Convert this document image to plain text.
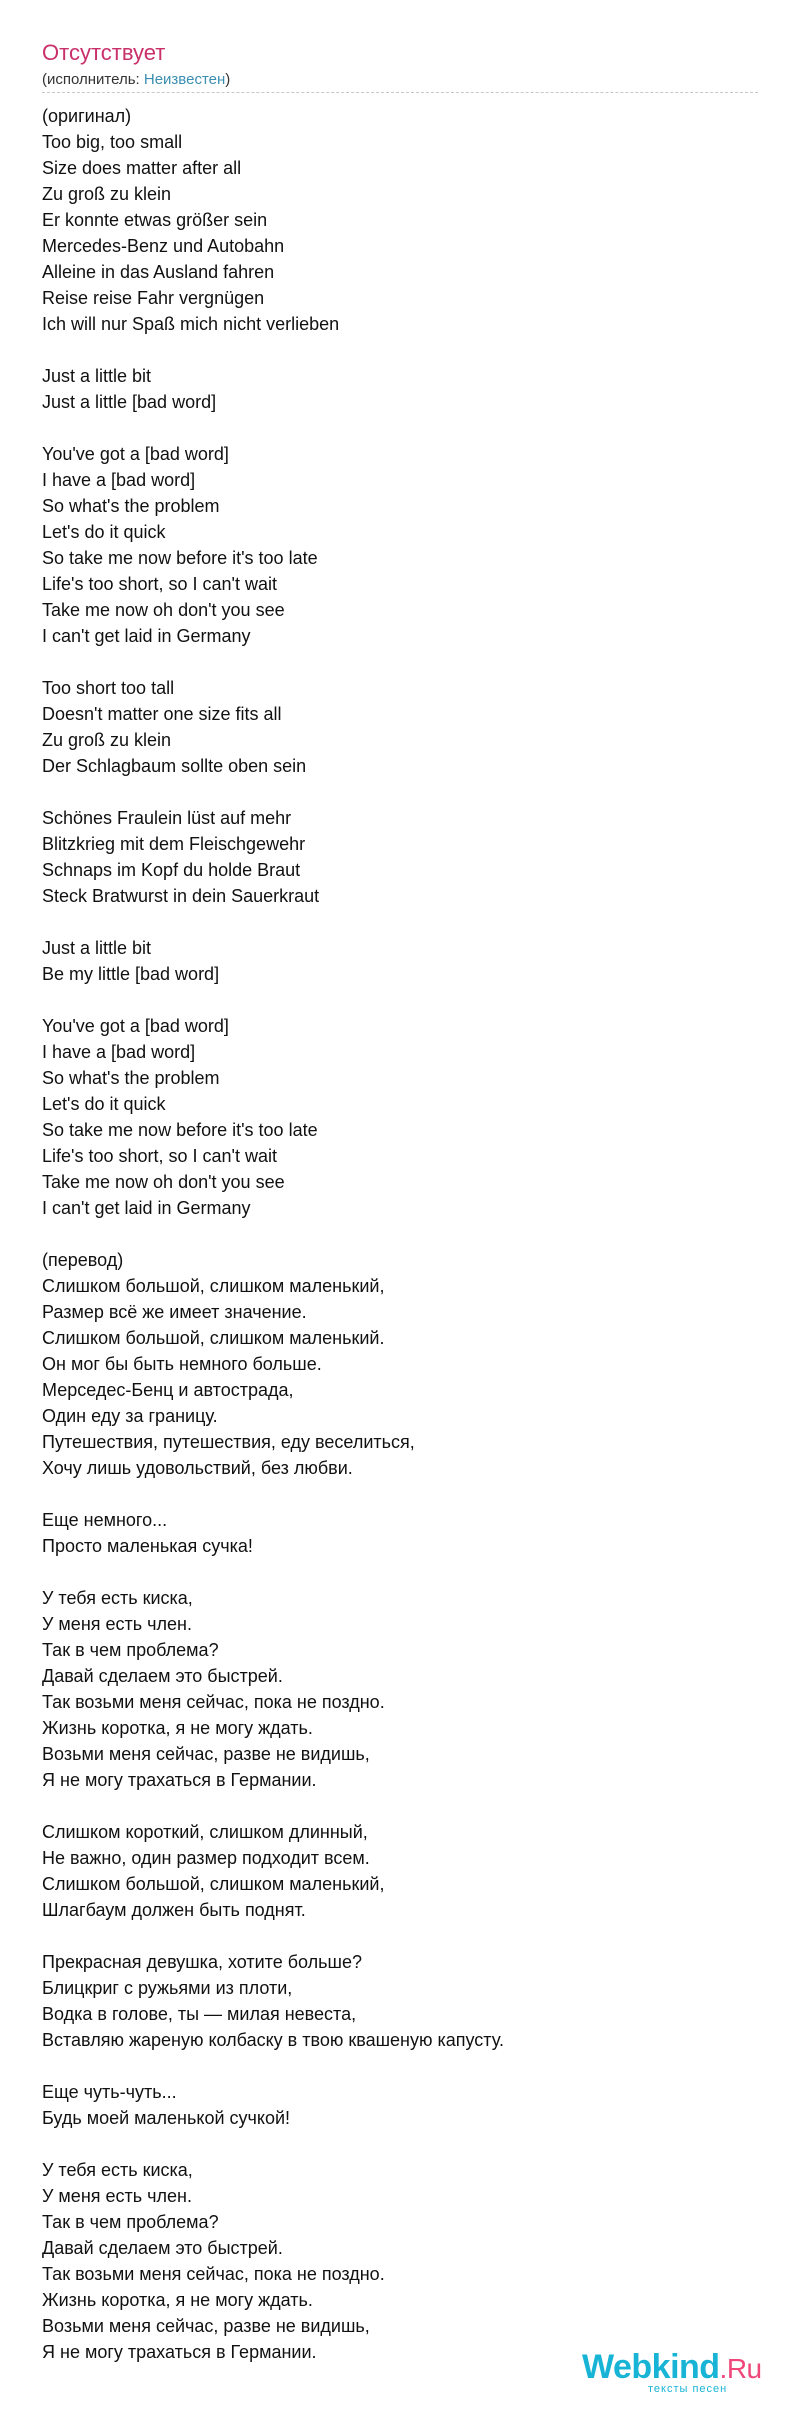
Отсутствует
(исполнитель: Неизвестен)
(оригинал)
Too big, too small
Size does matter after all
Zu groß zu klein
Er konnte etwas größer sein
Mercedes-Benz und Autobahn
Alleine in das Ausland fahren
Reise reise Fahr vergnügen
Ich will nur Spaß mich nicht verlieben
Just a little bit
Just a little [bad word]
You've got a [bad word]
I have a [bad word]
So what's the problem
Let's do it quick
So take me now before it's too late
Life's too short, so I can't wait
Take me now oh don't you see
I can't get laid in Germany
Too short too tall
Doesn't matter one size fits all
Zu groß zu klein
Der Schlagbaum sollte oben sein
Schönes Fraulein lüst auf mehr
Blitzkrieg mit dem Fleischgewehr
Schnaps im Kopf du holde Braut
Steck Bratwurst in dein Sauerkraut
Just a little bit
Be my little [bad word]
You've got a [bad word]
I have a [bad word]
So what's the problem
Let's do it quick
So take me now before it's too late
Life's too short, so I can't wait
Take me now oh don't you see
I can't get laid in Germany
(перевод)
Слишком большой, слишком маленький,
Размер всё же имеет значение.
Слишком большой, слишком маленький.
Он мог бы быть немного больше.
Мерседес-Бенц и автострада,
Один еду за границу.
Путешествия, путешествия, еду веселиться,
Хочу лишь удовольствий, без любви.
Еще немного...
Просто маленькая сучка!
У тебя есть киска,
У меня есть член.
Так в чем проблема?
Давай сделаем это быстрей.
Так возьми меня сейчас, пока не поздно.
Жизнь коротка, я не могу ждать.
Возьми меня сейчас, разве не видишь,
Я не могу трахаться в Германии.
Слишком короткий, слишком длинный,
Не важно, один размер подходит всем.
Слишком большой, слишком маленький,
Шлагбаум должен быть поднят.
Прекрасная девушка, хотите больше?
Блицкриг с ружьями из плоти,
Водка в голове, ты — милая невеста,
Вставляю жареную колбаску в твою квашеную капусту.
Еще чуть-чуть...
Будь моей маленькой сучкой!
У тебя есть киска,
У меня есть член.
Так в чем проблема?
Давай сделаем это быстрей.
Так возьми меня сейчас, пока не поздно.
Жизнь коротка, я не могу ждать.
Возьми меня сейчас, разве не видишь,
Я не могу трахаться в Германии.	Webkind.Ru
тексты песен
